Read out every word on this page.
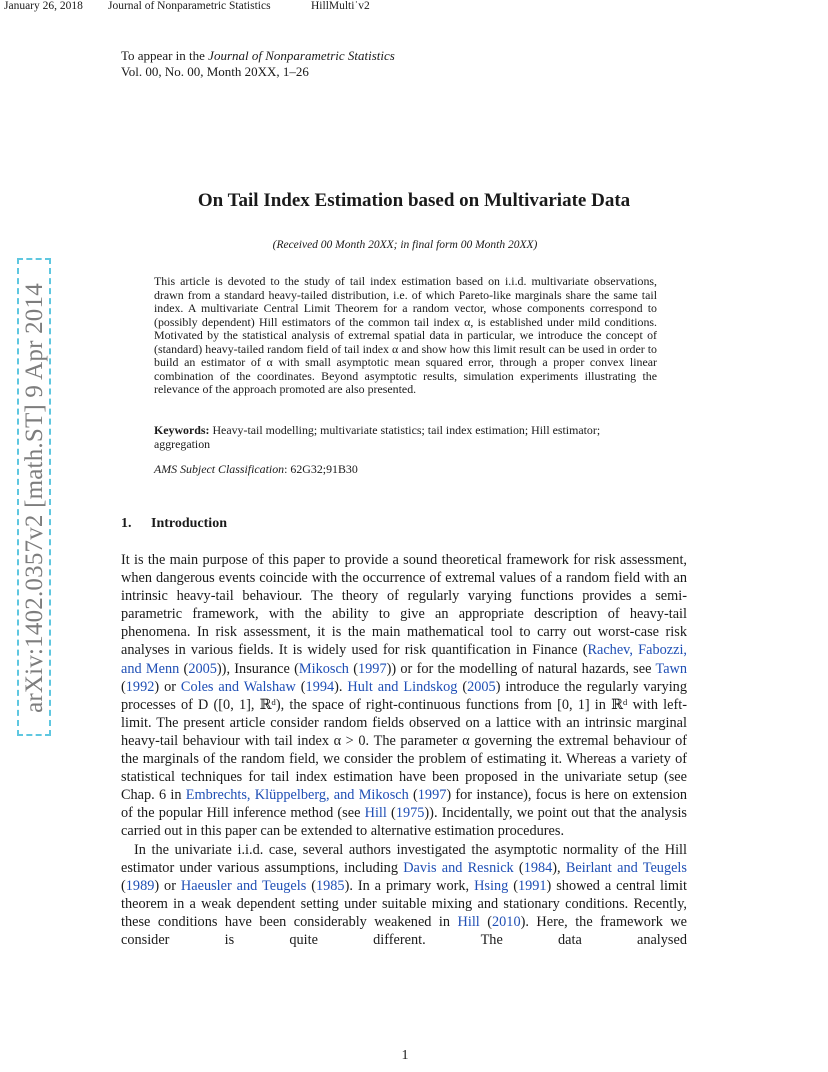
January 26, 2018 Journal of Nonparametric Statistics	HillMulti˙v2
To appear in the Journal of Nonparametric Statistics
Vol. 00, No. 00, Month 20XX, 1–26
On Tail Index Estimation based on Multivariate Data
(Received 00 Month 20XX; in final form 00 Month 20XX)
This article is devoted to the study of tail index estimation based on i.i.d. multivariate observations, drawn from a standard heavy-tailed distribution, i.e. of which Pareto-like marginals share the same tail index. A multivariate Central Limit Theorem for a random vector, whose components correspond to (possibly dependent) Hill estimators of the common tail index α, is established under mild conditions. Motivated by the statistical analysis of extremal spatial data in particular, we introduce the concept of (standard) heavy-tailed random field of tail index α and show how this limit result can be used in order to build an estimator of α with small asymptotic mean squared error, through a proper convex linear combination of the coordinates. Beyond asymptotic results, simulation experiments illustrating the relevance of the approach promoted are also presented.
Keywords: Heavy-tail modelling; multivariate statistics; tail index estimation; Hill estimator; aggregation
AMS Subject Classification: 62G32;91B30
1. Introduction

It is the main purpose of this paper to provide a sound theoretical framework for risk assessment, when dangerous events coincide with the occurrence of extremal values of a random field with an intrinsic heavy-tail behaviour. The theory of regularly varying functions provides a semi-parametric framework, with the ability to give an appropriate description of heavy-tail phenomena. In risk assessment, it is the main mathematical tool to carry out worst-case risk analyses in various fields. It is widely used for risk quantification in Finance (Rachev, Fabozzi, and Menn (2005)), Insurance (Mikosch (1997)) or for the modelling of natural hazards, see Tawn (1992) or Coles and Walshaw (1994). Hult and Lindskog (2005) introduce the regularly varying processes of D ([0, 1], ℝᵈ), the space of right-continuous functions from [0, 1] in ℝᵈ with left-limit. The present article consider random fields observed on a lattice with an intrinsic marginal heavy-tail behaviour with tail index α > 0. The parameter α governing the extremal behaviour of the marginals of the random field, we consider the problem of estimating it. Whereas a variety of statistical techniques for tail index estimation have been proposed in the univariate setup (see Chap. 6 in Embrechts, Klüppelberg, and Mikosch (1997) for instance), focus is here on extension of the popular Hill inference method (see Hill (1975)). Incidentally, we point out that the analysis carried out in this paper can be extended to alternative estimation procedures.

In the univariate i.i.d. case, several authors investigated the asymptotic normality of the Hill estimator under various assumptions, including Davis and Resnick (1984), Beirlant and Teugels (1989) or Haeusler and Teugels (1985). In a primary work, Hsing (1991) showed a central limit theorem in a weak dependent setting under suitable mixing and stationary conditions. Recently, these conditions have been considerably weakened in Hill (2010). Here, the framework we consider is quite different. The data analysed

1
arXiv:1402.0357v2 [math.ST] 9 Apr 2014
